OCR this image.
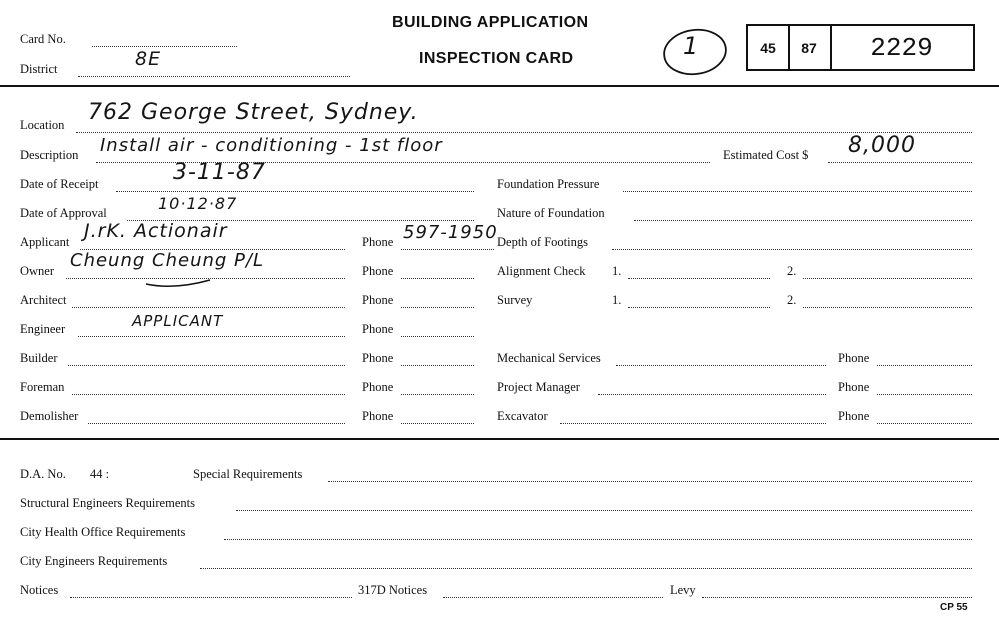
Card No.
District	8E
BUILDING APPLICATION
INSPECTION CARD	1	45	87	2229
Location 762 George Street, Sydney.
Description Install air - conditioning - 1st floor	Estimated Cost $ 8,000
Date of Receipt	3-11-87	Foundation Pressure
Date of Approval	10·12·87	Nature of Foundation
Applicant J.rK. Actionair	Phone 597-1950 Depth of Footings
Owner Cheung Cheung P/L	Phone	Alignment Check 1.	2.
Architect	Phone	Survey	1.	2.
Engineer	APPLICANT	Phone
Builder	Phone	Mechanical Services	Phone
Foreman	Phone	Project Manager	Phone
Demolisher	Phone	Excavator	Phone
D.A. No. 44 :	Special Requirements
Structural Engineers Requirements
City Health Office Requirements
City Engineers Requirements
Notices	317D Notices	Levy
CP 55
